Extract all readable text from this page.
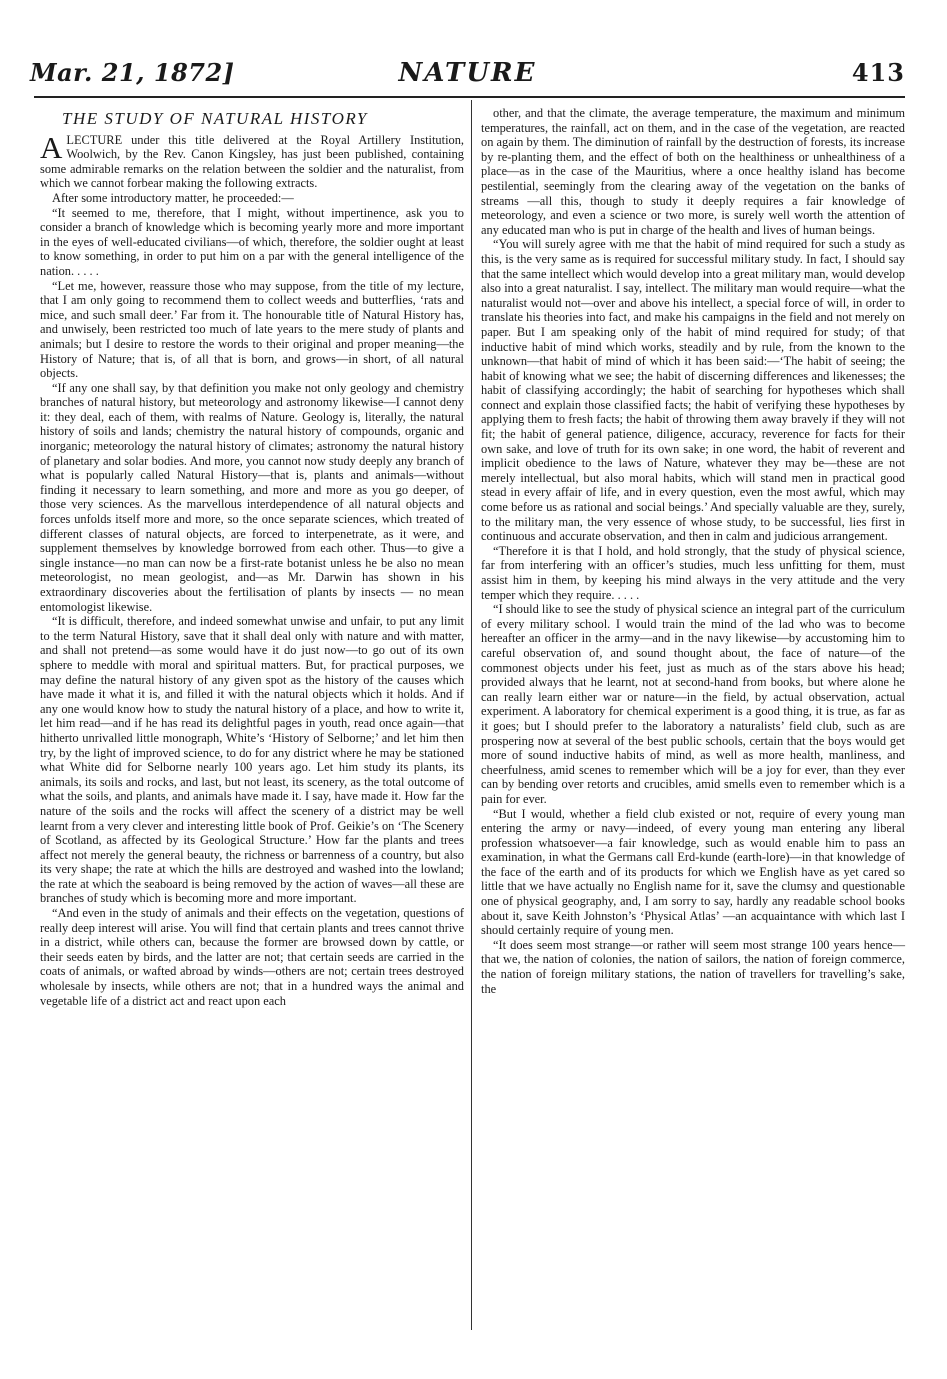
Mar. 21, 1872]	NATURE	413
THE STUDY OF NATURAL HISTORY

A LECTURE under this title delivered at the Royal Artillery Institution, Woolwich, by the Rev. Canon Kingsley, has just been published, containing some admirable remarks on the relation between the soldier and the naturalist, from which we cannot forbear making the following extracts.

After some introductory matter, he proceeded:—

“It seemed to me, therefore, that I might, without impertinence, ask you to consider a branch of knowledge which is becoming yearly more and more important in the eyes of well-educated civilians—of which, therefore, the soldier ought at least to know something, in order to put him on a par with the general intelligence of the nation. . . . .

“Let me, however, reassure those who may suppose, from the title of my lecture, that I am only going to recommend them to collect weeds and butterflies, ‘rats and mice, and such small deer.’ Far from it. The honourable title of Natural History has, and unwisely, been restricted too much of late years to the mere study of plants and animals; but I desire to restore the words to their original and proper meaning—the History of Nature; that is, of all that is born, and grows—in short, of all natural objects.

“If any one shall say, by that definition you make not only geology and chemistry branches of natural history, but meteorology and astronomy likewise—I cannot deny it: they deal, each of them, with realms of Nature. Geology is, literally, the natural history of soils and lands; chemistry the natural history of compounds, organic and inorganic; meteorology the natural history of climates; astronomy the natural history of planetary and solar bodies. And more, you cannot now study deeply any branch of what is popularly called Natural History—that is, plants and animals—without finding it necessary to learn something, and more and more as you go deeper, of those very sciences. As the marvellous interdependence of all natural objects and forces unfolds itself more and more, so the once separate sciences, which treated of different classes of natural objects, are forced to interpenetrate, as it were, and supplement themselves by knowledge borrowed from each other. Thus—to give a single instance—no man can now be a first-rate botanist unless he be also no mean meteorologist, no mean geologist, and—as Mr. Darwin has shown in his extraordinary discoveries about the fertilisation of plants by insects — no mean entomologist likewise.

“It is difficult, therefore, and indeed somewhat unwise and unfair, to put any limit to the term Natural History, save that it shall deal only with nature and with matter, and shall not pretend—as some would have it do just now—to go out of its own sphere to meddle with moral and spiritual matters. But, for practical purposes, we may define the natural history of any given spot as the history of the causes which have made it what it is, and filled it with the natural objects which it holds. And if any one would know how to study the natural history of a place, and how to write it, let him read—and if he has read its delightful pages in youth, read once again—that hitherto unrivalled little monograph, White’s ‘History of Selborne;’ and let him then try, by the light of improved science, to do for any district where he may be stationed what White did for Selborne nearly 100 years ago. Let him study its plants, its animals, its soils and rocks, and last, but not least, its scenery, as the total outcome of what the soils, and plants, and animals have made it. I say, have made it. How far the nature of the soils and the rocks will affect the scenery of a district may be well learnt from a very clever and interesting little book of Prof. Geikie’s on ‘The Scenery of Scotland, as affected by its Geological Structure.’ How far the plants and trees affect not merely the general beauty, the richness or barrenness of a country, but also its very shape; the rate at which the hills are destroyed and washed into the lowland; the rate at which the seaboard is being removed by the action of waves—all these are branches of study which is becoming more and more important.

“And even in the study of animals and their effects on the vegetation, questions of really deep interest will arise. You will find that certain plants and trees cannot thrive in a district, while others can, because the former are browsed down by cattle, or their seeds eaten by birds, and the latter are not; that certain seeds are carried in the coats of animals, or wafted abroad by winds—others are not; certain trees destroyed wholesale by insects, while others are not; that in a hundred ways the animal and vegetable life of a district act and react upon each

other, and that the climate, the average temperature, the maximum and minimum temperatures, the rainfall, act on them, and in the case of the vegetation, are reacted on again by them. The diminution of rainfall by the destruction of forests, its increase by re-planting them, and the effect of both on the healthiness or unhealthiness of a place—as in the case of the Mauritius, where a once healthy island has become pestilential, seemingly from the clearing away of the vegetation on the banks of streams —all this, though to study it deeply requires a fair knowledge of meteorology, and even a science or two more, is surely well worth the attention of any educated man who is put in charge of the health and lives of human beings.

“You will surely agree with me that the habit of mind required for such a study as this, is the very same as is required for successful military study. In fact, I should say that the same intellect which would develop into a great military man, would develop also into a great naturalist. I say, intellect. The military man would require—what the naturalist would not—over and above his intellect, a special force of will, in order to translate his theories into fact, and make his campaigns in the field and not merely on paper. But I am speaking only of the habit of mind required for study; of that inductive habit of mind which works, steadily and by rule, from the known to the unknown—that habit of mind of which it has been said:—‘The habit of seeing; the habit of knowing what we see; the habit of discerning differences and likenesses; the habit of classifying accordingly; the habit of searching for hypotheses which shall connect and explain those classified facts; the habit of verifying these hypotheses by applying them to fresh facts; the habit of throwing them away bravely if they will not fit; the habit of general patience, diligence, accuracy, reverence for facts for their own sake, and love of truth for its own sake; in one word, the habit of reverent and implicit obedience to the laws of Nature, whatever they may be—these are not merely intellectual, but also moral habits, which will stand men in practical good stead in every affair of life, and in every question, even the most awful, which may come before us as rational and social beings.’ And specially valuable are they, surely, to the military man, the very essence of whose study, to be successful, lies first in continuous and accurate observation, and then in calm and judicious arrangement.

“Therefore it is that I hold, and hold strongly, that the study of physical science, far from interfering with an officer’s studies, much less unfitting for them, must assist him in them, by keeping his mind always in the very attitude and the very temper which they require. . . . .

“I should like to see the study of physical science an integral part of the curriculum of every military school. I would train the mind of the lad who was to become hereafter an officer in the army—and in the navy likewise—by accustoming him to careful observation of, and sound thought about, the face of nature—of the commonest objects under his feet, just as much as of the stars above his head; provided always that he learnt, not at second-hand from books, but where alone he can really learn either war or nature—in the field, by actual observation, actual experiment. A laboratory for chemical experiment is a good thing, it is true, as far as it goes; but I should prefer to the laboratory a naturalists’ field club, such as are prospering now at several of the best public schools, certain that the boys would get more of sound inductive habits of mind, as well as more health, manliness, and cheerfulness, amid scenes to remember which will be a joy for ever, than they ever can by bending over retorts and crucibles, amid smells even to remember which is a pain for ever.

“But I would, whether a field club existed or not, require of every young man entering the army or navy—indeed, of every young man entering any liberal profession whatsoever—a fair knowledge, such as would enable him to pass an examination, in what the Germans call Erd-kunde (earth-lore)—in that knowledge of the face of the earth and of its products for which we English have as yet cared so little that we have actually no English name for it, save the clumsy and questionable one of physical geography, and, I am sorry to say, hardly any readable school books about it, save Keith Johnston’s ‘Physical Atlas’ —an acquaintance with which last I should certainly require of young men.

“It does seem most strange—or rather will seem most strange 100 years hence—that we, the nation of colonies, the nation of sailors, the nation of foreign commerce, the nation of foreign military stations, the nation of travellers for travelling’s sake, the
